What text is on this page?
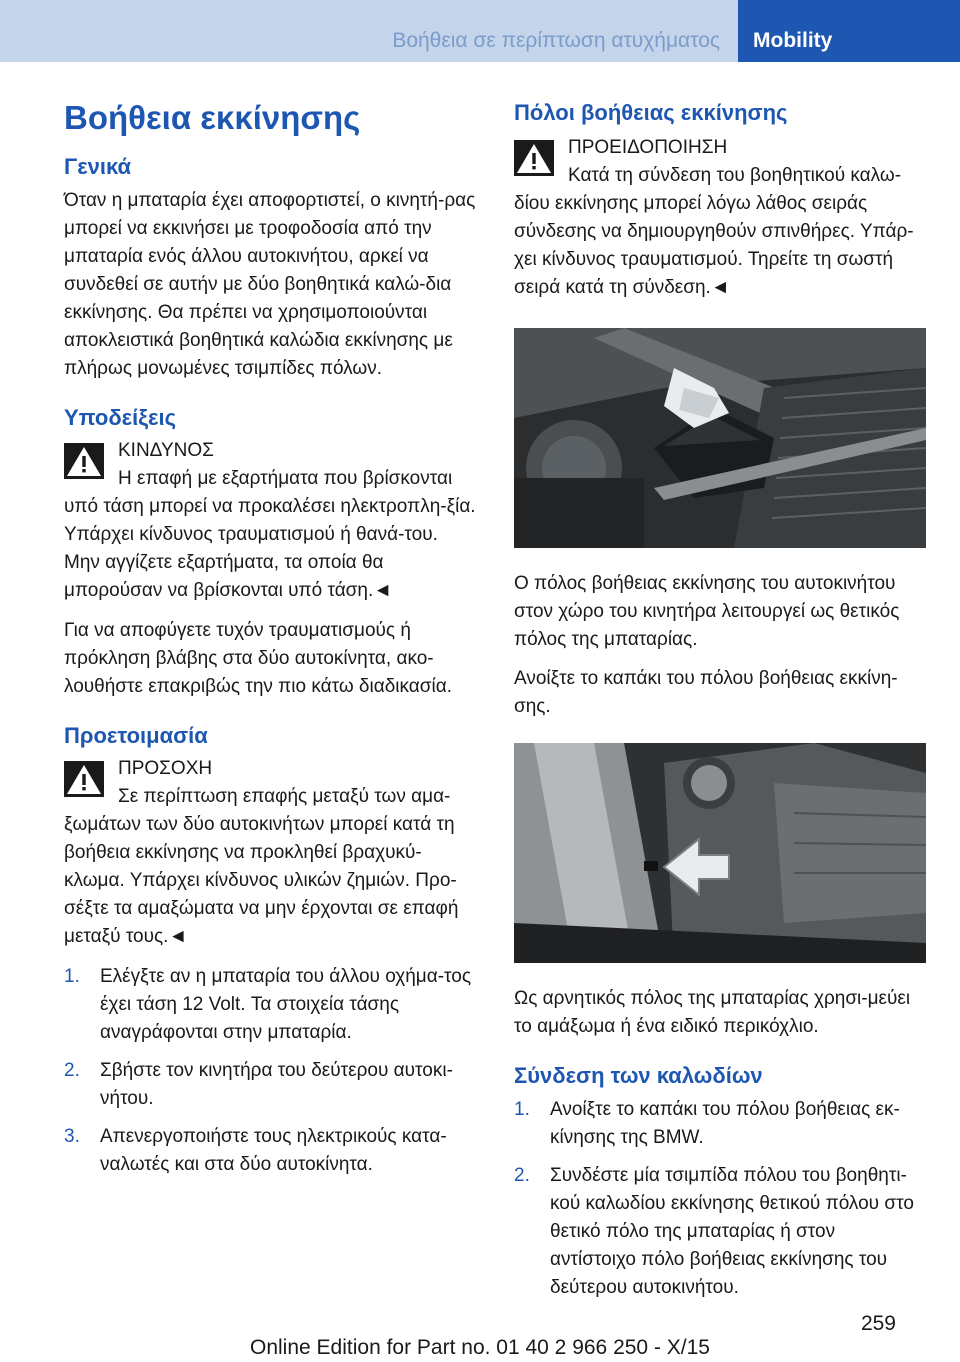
Βοήθεια σε περίπτωση ατυχήματος Mobility
Βοήθεια εκκίνησης
Γενικά

Όταν η μπαταρία έχει αποφορτιστεί, ο κινητή-ρας μπορεί να εκκινήσει με τροφοδοσία από την μπαταρία ενός άλλου αυτοκινήτου, αρκεί να συνδεθεί σε αυτήν με δύο βοηθητικά καλώ-δια εκκίνησης. Θα πρέπει να χρησιμοποιούνται αποκλειστικά βοηθητικά καλώδια εκκίνησης με πλήρως μονωμένες τσιμπίδες πόλων.

Υποδείξεις
ΚΙΝΔΥΝΟΣ
Η επαφή με εξαρτήματα που βρίσκονται υπό τάση μπορεί να προκαλέσει ηλεκτροπλη-ξία. Υπάρχει κίνδυνος τραυματισμού ή θανά-του. Μην αγγίζετε εξαρτήματα, τα οποία θα μπορούσαν να βρίσκονται υπό τάση.◄

Για να αποφύγετε τυχόν τραυματισμούς ή πρόκληση βλάβης στα δύο αυτοκίνητα, ακο-λουθήστε επακριβώς την πιο κάτω διαδικασία.

Προετοιμασία
ΠΡΟΣΟΧΗ
Σε περίπτωση επαφής μεταξύ των αμα-ξωμάτων των δύο αυτοκινήτων μπορεί κατά τη βοήθεια εκκίνησης να προκληθεί βραχυκύ-κλωμα. Υπάρχει κίνδυνος υλικών ζημιών. Προ-σέξτε τα αμαξώματα να μην έρχονται σε επαφή μεταξύ τους.◄
1. Ελέγξτε αν η μπαταρία του άλλου οχήμα-τος έχει τάση 12 Volt. Τα στοιχεία τάσης αναγράφονται στην μπαταρία.
2. Σβήστε τον κινητήρα του δεύτερου αυτοκι-νήτου.
3. Απενεργοποιήστε τους ηλεκτρικούς κατα-ναλωτές και στα δύο αυτοκίνητα.
Πόλοι βοήθειας εκκίνησης
ΠΡΟΕΙΔΟΠΟΙΗΣΗ
Κατά τη σύνδεση του βοηθητικού καλω-δίου εκκίνησης μπορεί λόγω λάθος σειράς σύνδεσης να δημιουργηθούν σπινθήρες. Υπάρ-χει κίνδυνος τραυματισμού. Τηρείτε τη σωστή σειρά κατά τη σύνδεση.◄

Ο πόλος βοήθειας εκκίνησης του αυτοκινήτου στον χώρο του κινητήρα λειτουργεί ως θετικός πόλος της μπαταρίας.

Ανοίξτε το καπάκι του πόλου βοήθειας εκκίνη-σης.

Ως αρνητικός πόλος της μπαταρίας χρησι-μεύει το αμάξωμα ή ένα ειδικό περικόχλιο.

Σύνδεση των καλωδίων
1. Ανοίξτε το καπάκι του πόλου βοήθειας εκ-κίνησης της BMW.
2. Συνδέστε μία τσιμπίδα πόλου του βοηθητι-κού καλωδίου εκκίνησης θετικού πόλου στο θετικό πόλο της μπαταρίας ή στον αντίστοιχο πόλο βοήθειας εκκίνησης του δεύτερου αυτοκινήτου.
259
Online Edition for Part no. 01 40 2 966 250 - X/15
